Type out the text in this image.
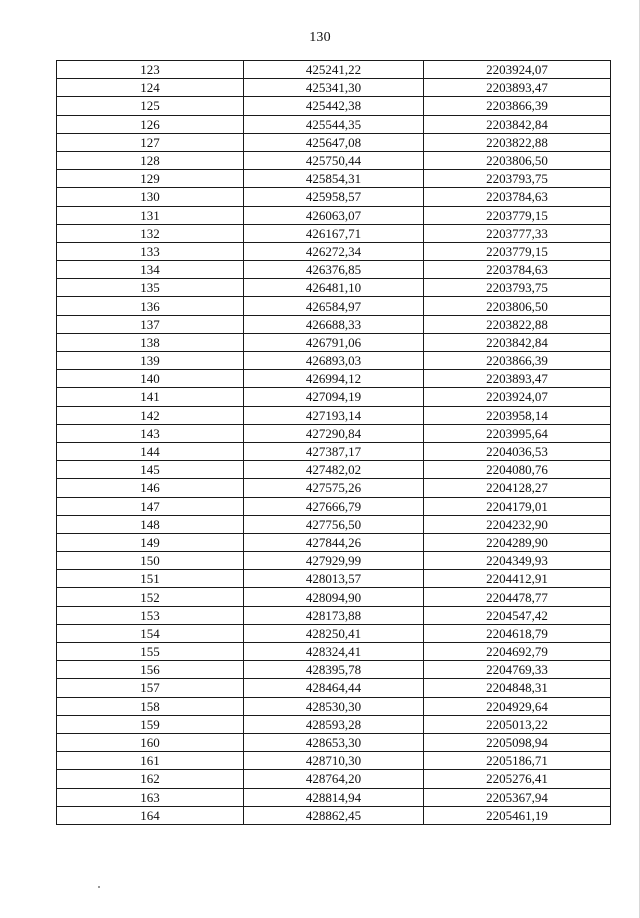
130
123	425241,22	2203924,07
124	425341,30	2203893,47
125	425442,38	2203866,39
126	425544,35	2203842,84
127	425647,08	2203822,88
128	425750,44	2203806,50
129	425854,31	2203793,75
130	425958,57	2203784,63
131	426063,07	2203779,15
132	426167,71	2203777,33
133	426272,34	2203779,15
134	426376,85	2203784,63
135	426481,10	2203793,75
136	426584,97	2203806,50
137	426688,33	2203822,88
138	426791,06	2203842,84
139	426893,03	2203866,39
140	426994,12	2203893,47
141	427094,19	2203924,07
142	427193,14	2203958,14
143	427290,84	2203995,64
144	427387,17	2204036,53
145	427482,02	2204080,76
146	427575,26	2204128,27
147	427666,79	2204179,01
148	427756,50	2204232,90
149	427844,26	2204289,90
150	427929,99	2204349,93
151	428013,57	2204412,91
152	428094,90	2204478,77
153	428173,88	2204547,42
154	428250,41	2204618,79
155	428324,41	2204692,79
156	428395,78	2204769,33
157	428464,44	2204848,31
158	428530,30	2204929,64
159	428593,28	2205013,22
160	428653,30	2205098,94
161	428710,30	2205186,71
162	428764,20	2205276,41
163	428814,94	2205367,94
164	428862,45	2205461,19
